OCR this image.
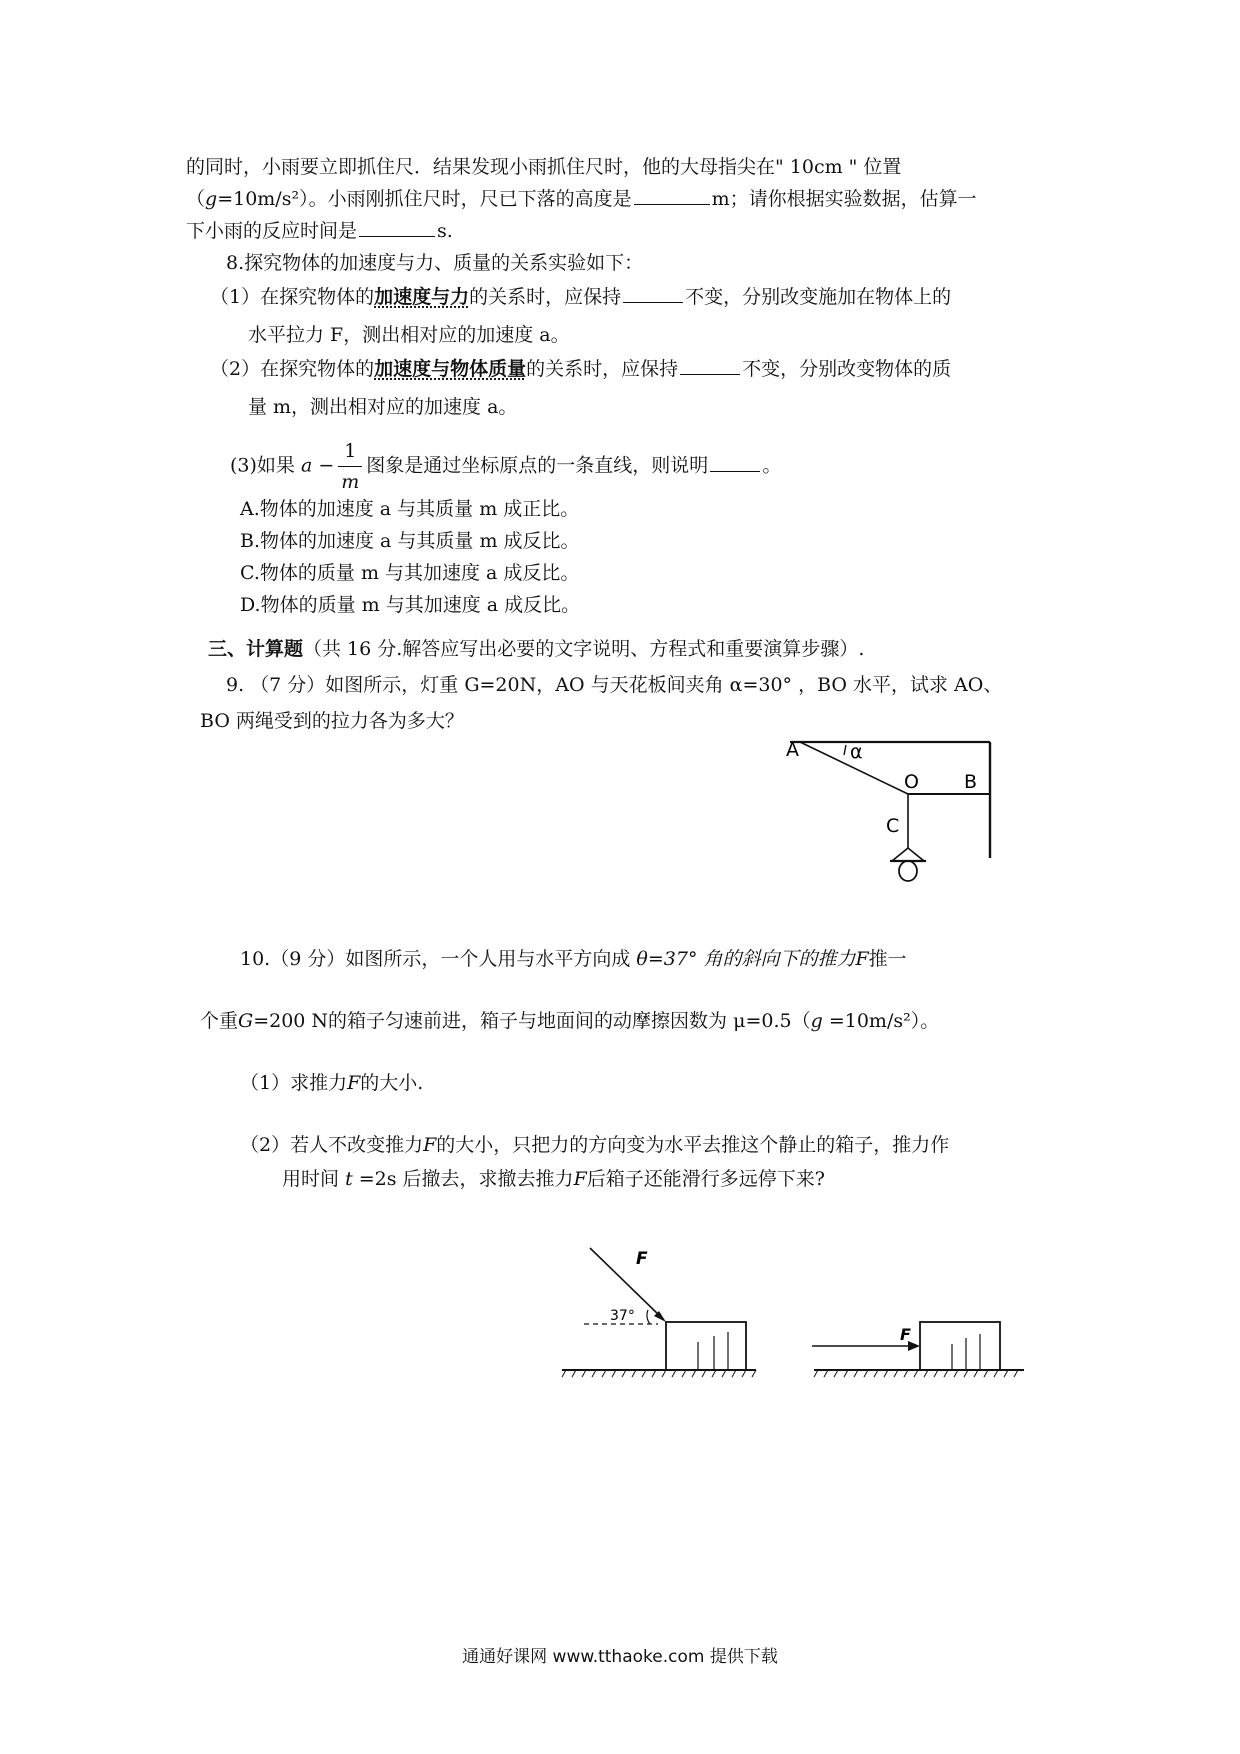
的同时，小雨要立即抓住尺．结果发现小雨抓住尺时，他的大母指尖在" 10cm " 位置
（g=10m/s²）。小雨刚抓住尺时，尺已下落的高度是	m；请你根据实验数据，估算一
下小雨的反应时间是	s.
8.探究物体的加速度与力、质量的关系实验如下：
（1）在探究物体的加速度与力的关系时，应保持	不变，分别改变施加在物体上的
水平拉力 F，测出相对应的加速度 a。
（2）在探究物体的加速度与物体质量的关系时，应保持	不变，分别改变物体的质
量 m，测出相对应的加速度 a。
(3)如果 $a - \frac{1}{m}$ 图象是通过坐标原点的一条直线，则说明	。
A.物体的加速度 a 与其质量 m 成正比。
B.物体的加速度 a 与其质量 m 成反比。
C.物体的质量 m 与其加速度 a 成反比。
D.物体的质量 m 与其加速度 a 成反比。
三、计算题（共 16 分.解答应写出必要的文字说明、方程式和重要演算步骤）.
9. （7 分）如图所示，灯重 G=20N，AO 与天花板间夹角 α=30° ，BO 水平，试求 AO、
BO 两绳受到的拉力各为多大？
A	α
O B
C
10.（9 分）如图所示，一个人用与水平方向成 θ=37° 角的斜向下的推力F推一
个重G=200 N的箱子匀速前进，箱子与地面间的动摩擦因数为 μ=0.5（g =10m/s²）。
（1）求推力F的大小.
（2）若人不改变推力F的大小，只把力的方向变为水平去推这个静止的箱子，推力作
用时间 t =2s 后撤去，求撤去推力F后箱子还能滑行多远停下来?
F
37°
F
通通好课网 www.tthaoke.com 提供下载
